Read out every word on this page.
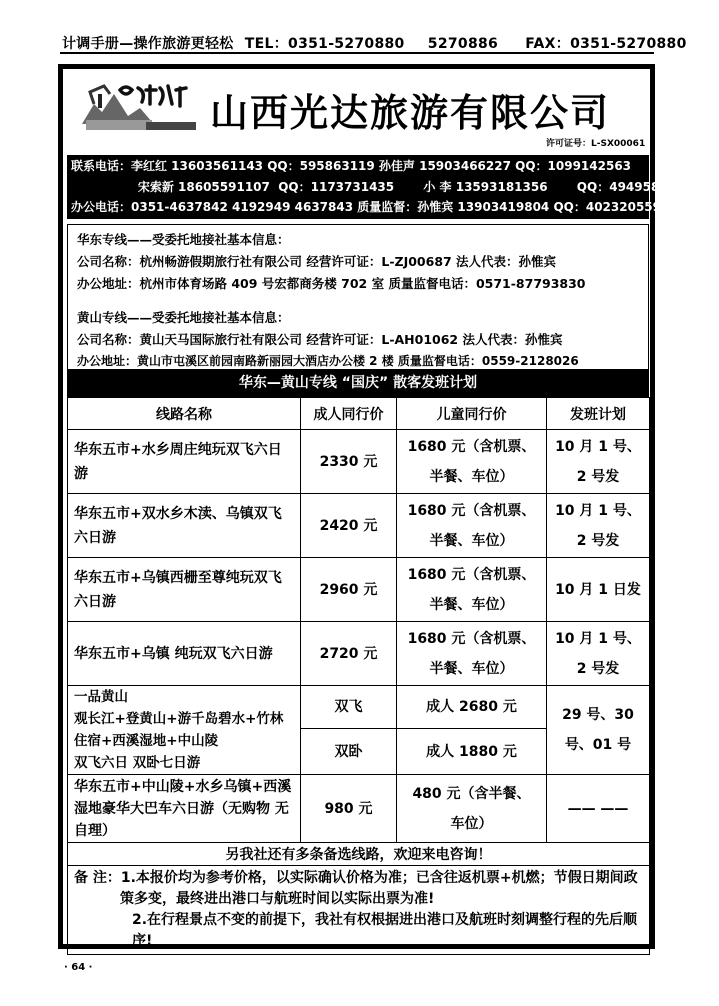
计调手册—操作旅游更轻松 TEL：0351-5270880 5270886 FAX：0351-5270880
山西光达旅游有限公司
许可证号：L-SX00061
联系电话：李红红 13603561143 QQ：595863119 孙佳声 15903466227 QQ：1099142563
宋索新 18605591107  QQ：1173731435       小 李 13593181356       QQ：494958333
办公电话：0351-4637842 4192949 4637843 质量监督：孙惟宾 13903419804 QQ：402320559
华东专线——受委托地接社基本信息：
公司名称：杭州畅游假期旅行社有限公司 经营许可证：L-ZJ00687 法人代表：孙惟宾
办公地址：杭州市体育场路 409 号宏都商务楼 702 室 质量监督电话：0571-87793830
黄山专线——受委托地接社基本信息：
公司名称：黄山天马国际旅行社有限公司 经营许可证：L-AH01062 法人代表：孙惟宾
办公地址：黄山市屯溪区前园南路新丽园大酒店办公楼 2 楼 质量监督电话：0559-2128026
华东—黄山专线 “国庆” 散客发班计划
线路名称	成人同行价	儿童同行价	发班计划
华东五市+水乡周庄纯玩双飞六日游	2330 元	1680 元（含机票、半餐、车位）	10 月 1 号、2 号发
华东五市+双水乡木渎、乌镇双飞六日游	2420 元	1680 元（含机票、半餐、车位）	10 月 1 号、2 号发
华东五市+乌镇西栅至尊纯玩双飞六日游	2960 元	1680 元（含机票、半餐、车位）	10 月 1 日发
华东五市+乌镇 纯玩双飞六日游	2720 元	1680 元（含机票、半餐、车位）	10 月 1 号、2 号发

一品黄山
观长江+登黄山+游千岛碧水+竹林住宿+西溪湿地+中山陵
双飞六日 双卧七日游	双飞	成人 2680 元	29 号、30 号、01 号
	双卧	成人 1880 元	
华东五市+中山陵+水乡乌镇+西溪湿地豪华大巴车六日游（无购物 无自理）	980 元	480 元（含半餐、车位）	—— ——
另我社还有多条备选线路，欢迎来电咨询！			

备 注：1.本报价均为参考价格，以实际确认价格为准；已含往返机票+机燃；节假日期间政
策多变，最终进出港口与航班时间以实际出票为准!
2.在行程景点不变的前提下，我社有权根据进出港口及航班时刻调整行程的先后顺序!			
· 64 ·
